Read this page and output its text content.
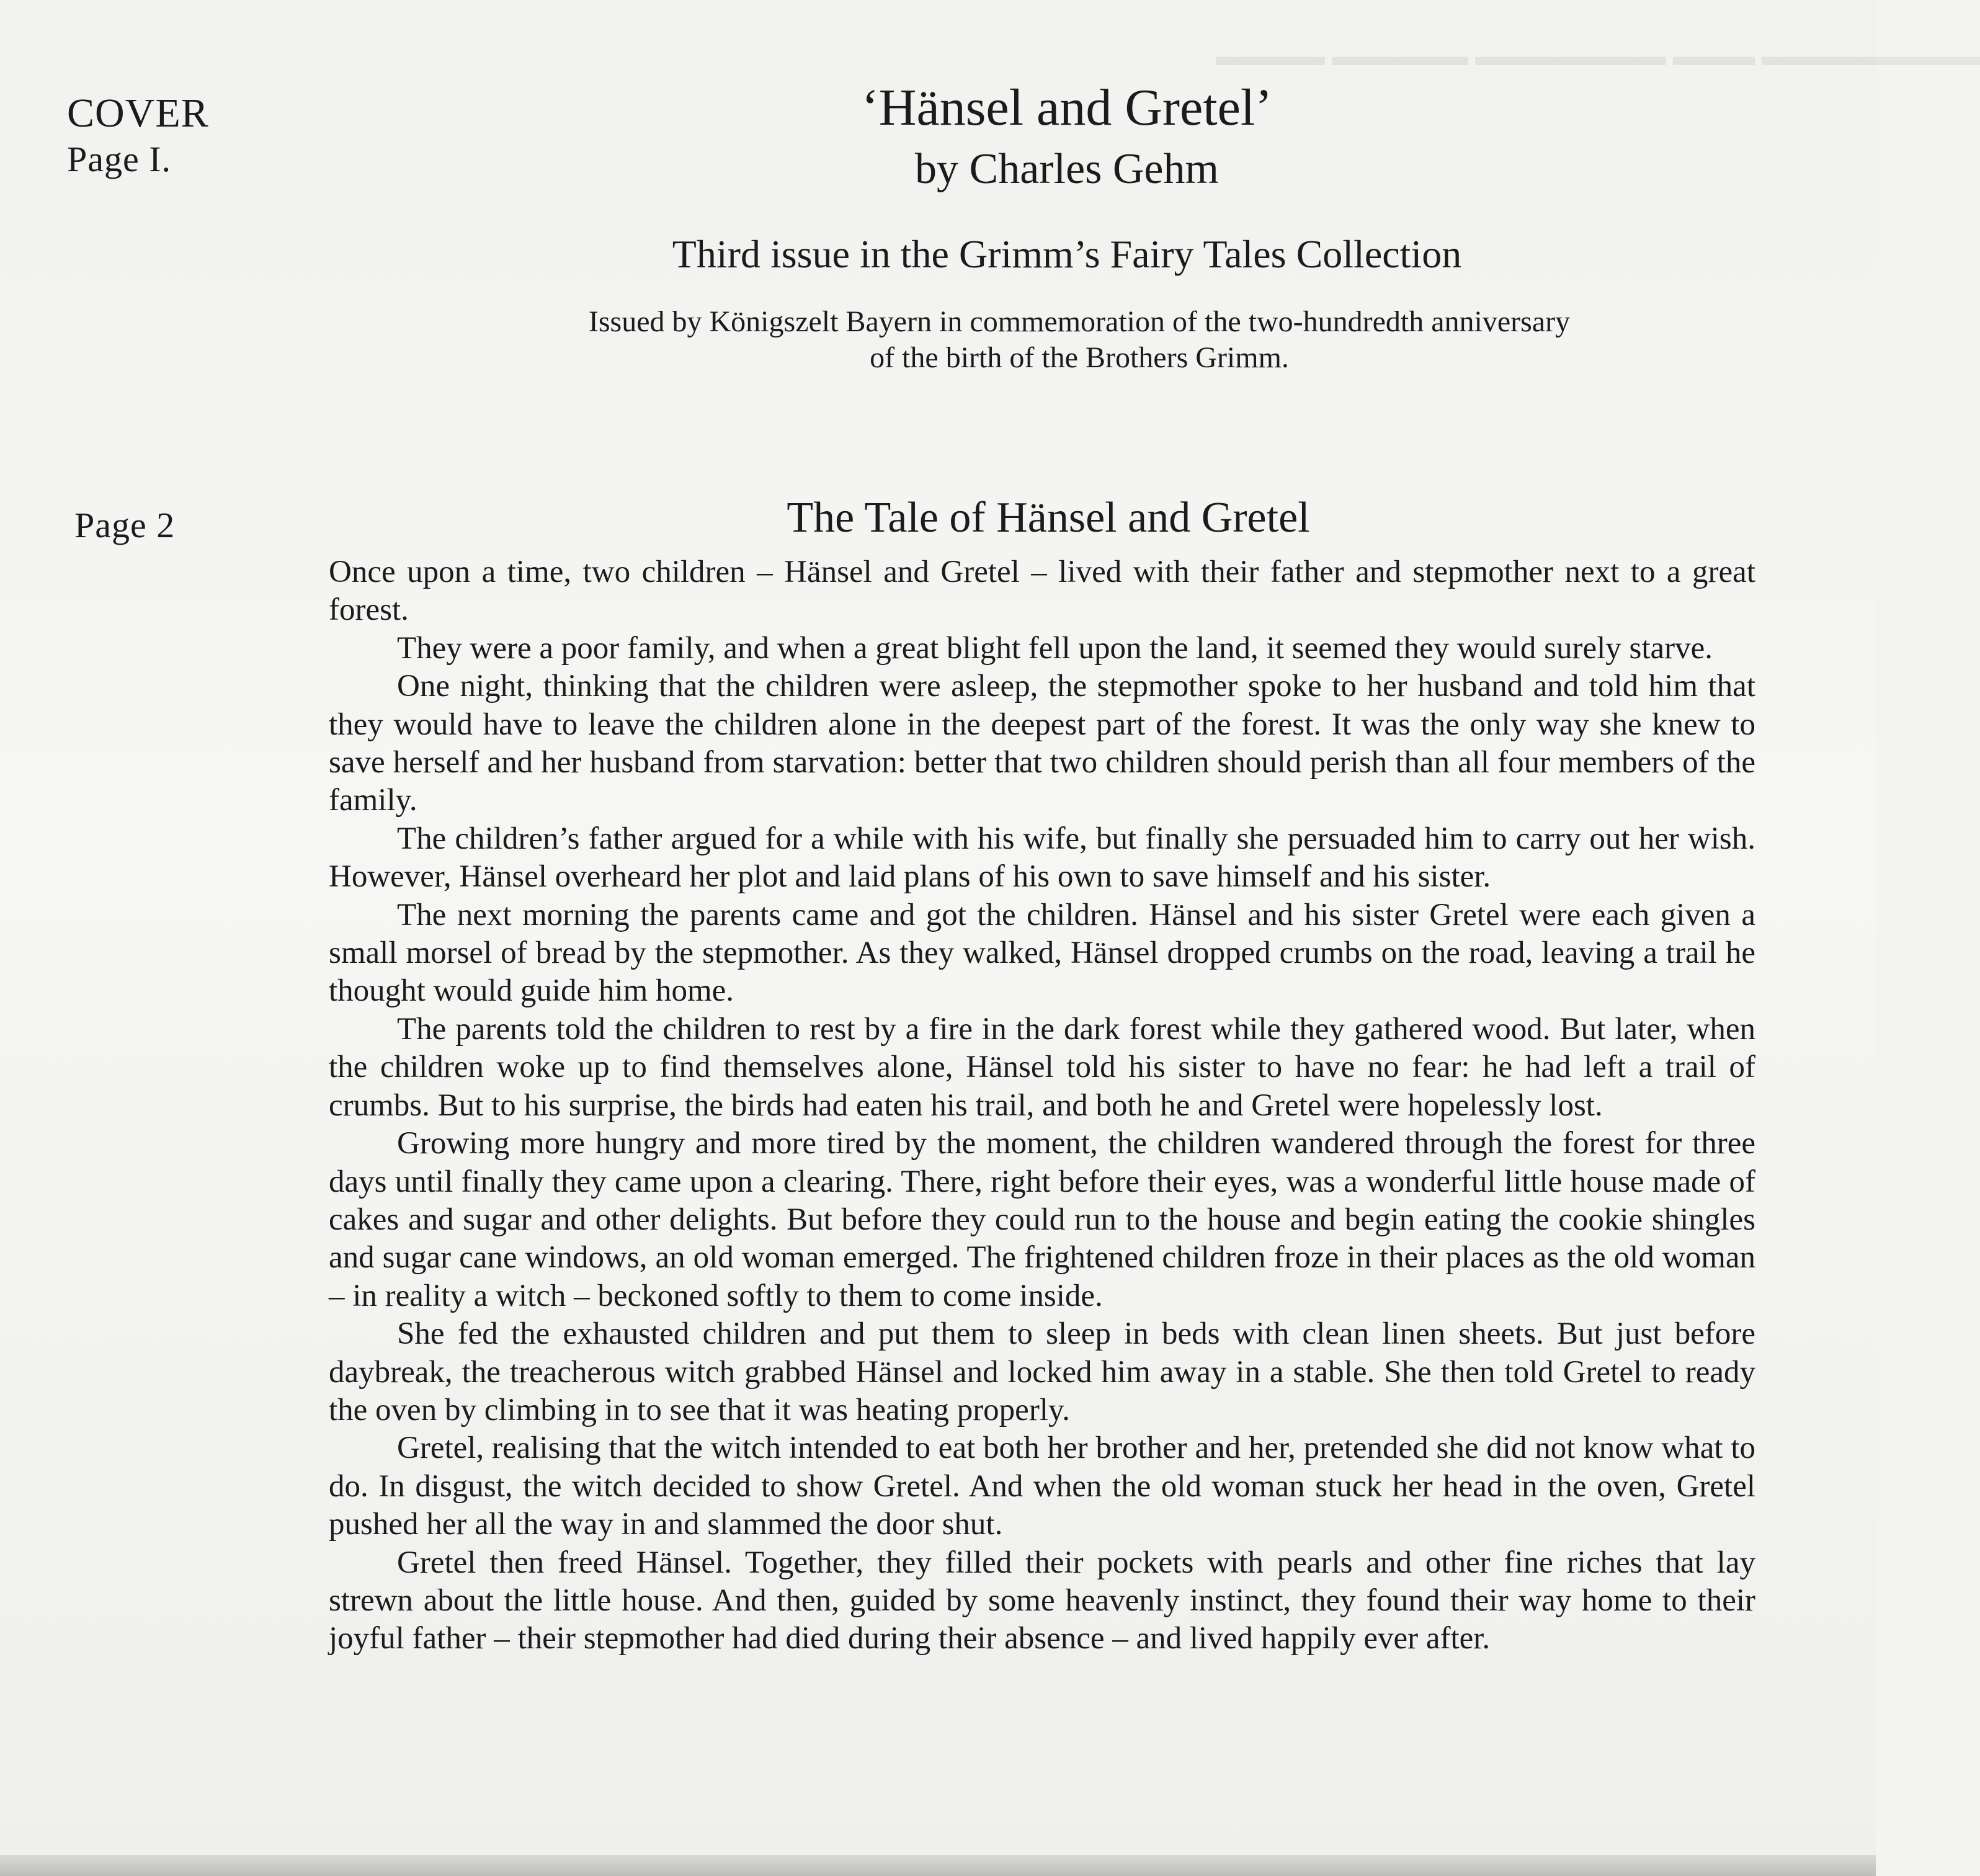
▬▬▬▬ ▬▬▬▬▬ ▬▬▬▬▬▬▬ ▬▬▬ ▬▬▬▬▬▬▬▬
COVER
Page I.
Page 2
‘Hänsel and Gretel’
by Charles Gehm
Third issue in the Grimm’s Fairy Tales Collection
Issued by Königszelt Bayern in commemoration of the two-hundredth anniversary
of the birth of the Brothers Grimm.
The Tale of Hänsel and Gretel

Once upon a time, two children – Hänsel and Gretel – lived with their father and stepmother next to a great forest.

They were a poor family, and when a great blight fell upon the land, it seemed they would surely starve.

One night, thinking that the children were asleep, the stepmother spoke to her husband and told him that they would have to leave the children alone in the deepest part of the forest. It was the only way she knew to save herself and her husband from starvation: better that two children should perish than all four members of the family.

The children’s father argued for a while with his wife, but finally she persuaded him to carry out her wish. However, Hänsel overheard her plot and laid plans of his own to save himself and his sister.

The next morning the parents came and got the children. Hänsel and his sister Gretel were each given a small morsel of bread by the stepmother. As they walked, Hänsel dropped crumbs on the road, leaving a trail he thought would guide him home.

The parents told the children to rest by a fire in the dark forest while they gathered wood. But later, when the children woke up to find themselves alone, Hänsel told his sister to have no fear: he had left a trail of crumbs. But to his surprise, the birds had eaten his trail, and both he and Gretel were hopelessly lost.

Growing more hungry and more tired by the moment, the children wandered through the forest for three days until finally they came upon a clearing. There, right before their eyes, was a wonderful little house made of cakes and sugar and other delights. But before they could run to the house and begin eating the cookie shingles and sugar cane windows, an old woman emerged. The frightened children froze in their places as the old woman – in reality a witch – beckoned softly to them to come inside.

She fed the exhausted children and put them to sleep in beds with clean linen sheets. But just before daybreak, the treacherous witch grabbed Hänsel and locked him away in a stable. She then told Gretel to ready the oven by climbing in to see that it was heating properly.

Gretel, realising that the witch intended to eat both her brother and her, pretended she did not know what to do. In disgust, the witch decided to show Gretel. And when the old woman stuck her head in the oven, Gretel pushed her all the way in and slammed the door shut.

Gretel then freed Hänsel. Together, they filled their pockets with pearls and other fine riches that lay strewn about the little house. And then, guided by some heavenly instinct, they found their way home to their joyful father – their stepmother had died during their absence – and lived happily ever after.
